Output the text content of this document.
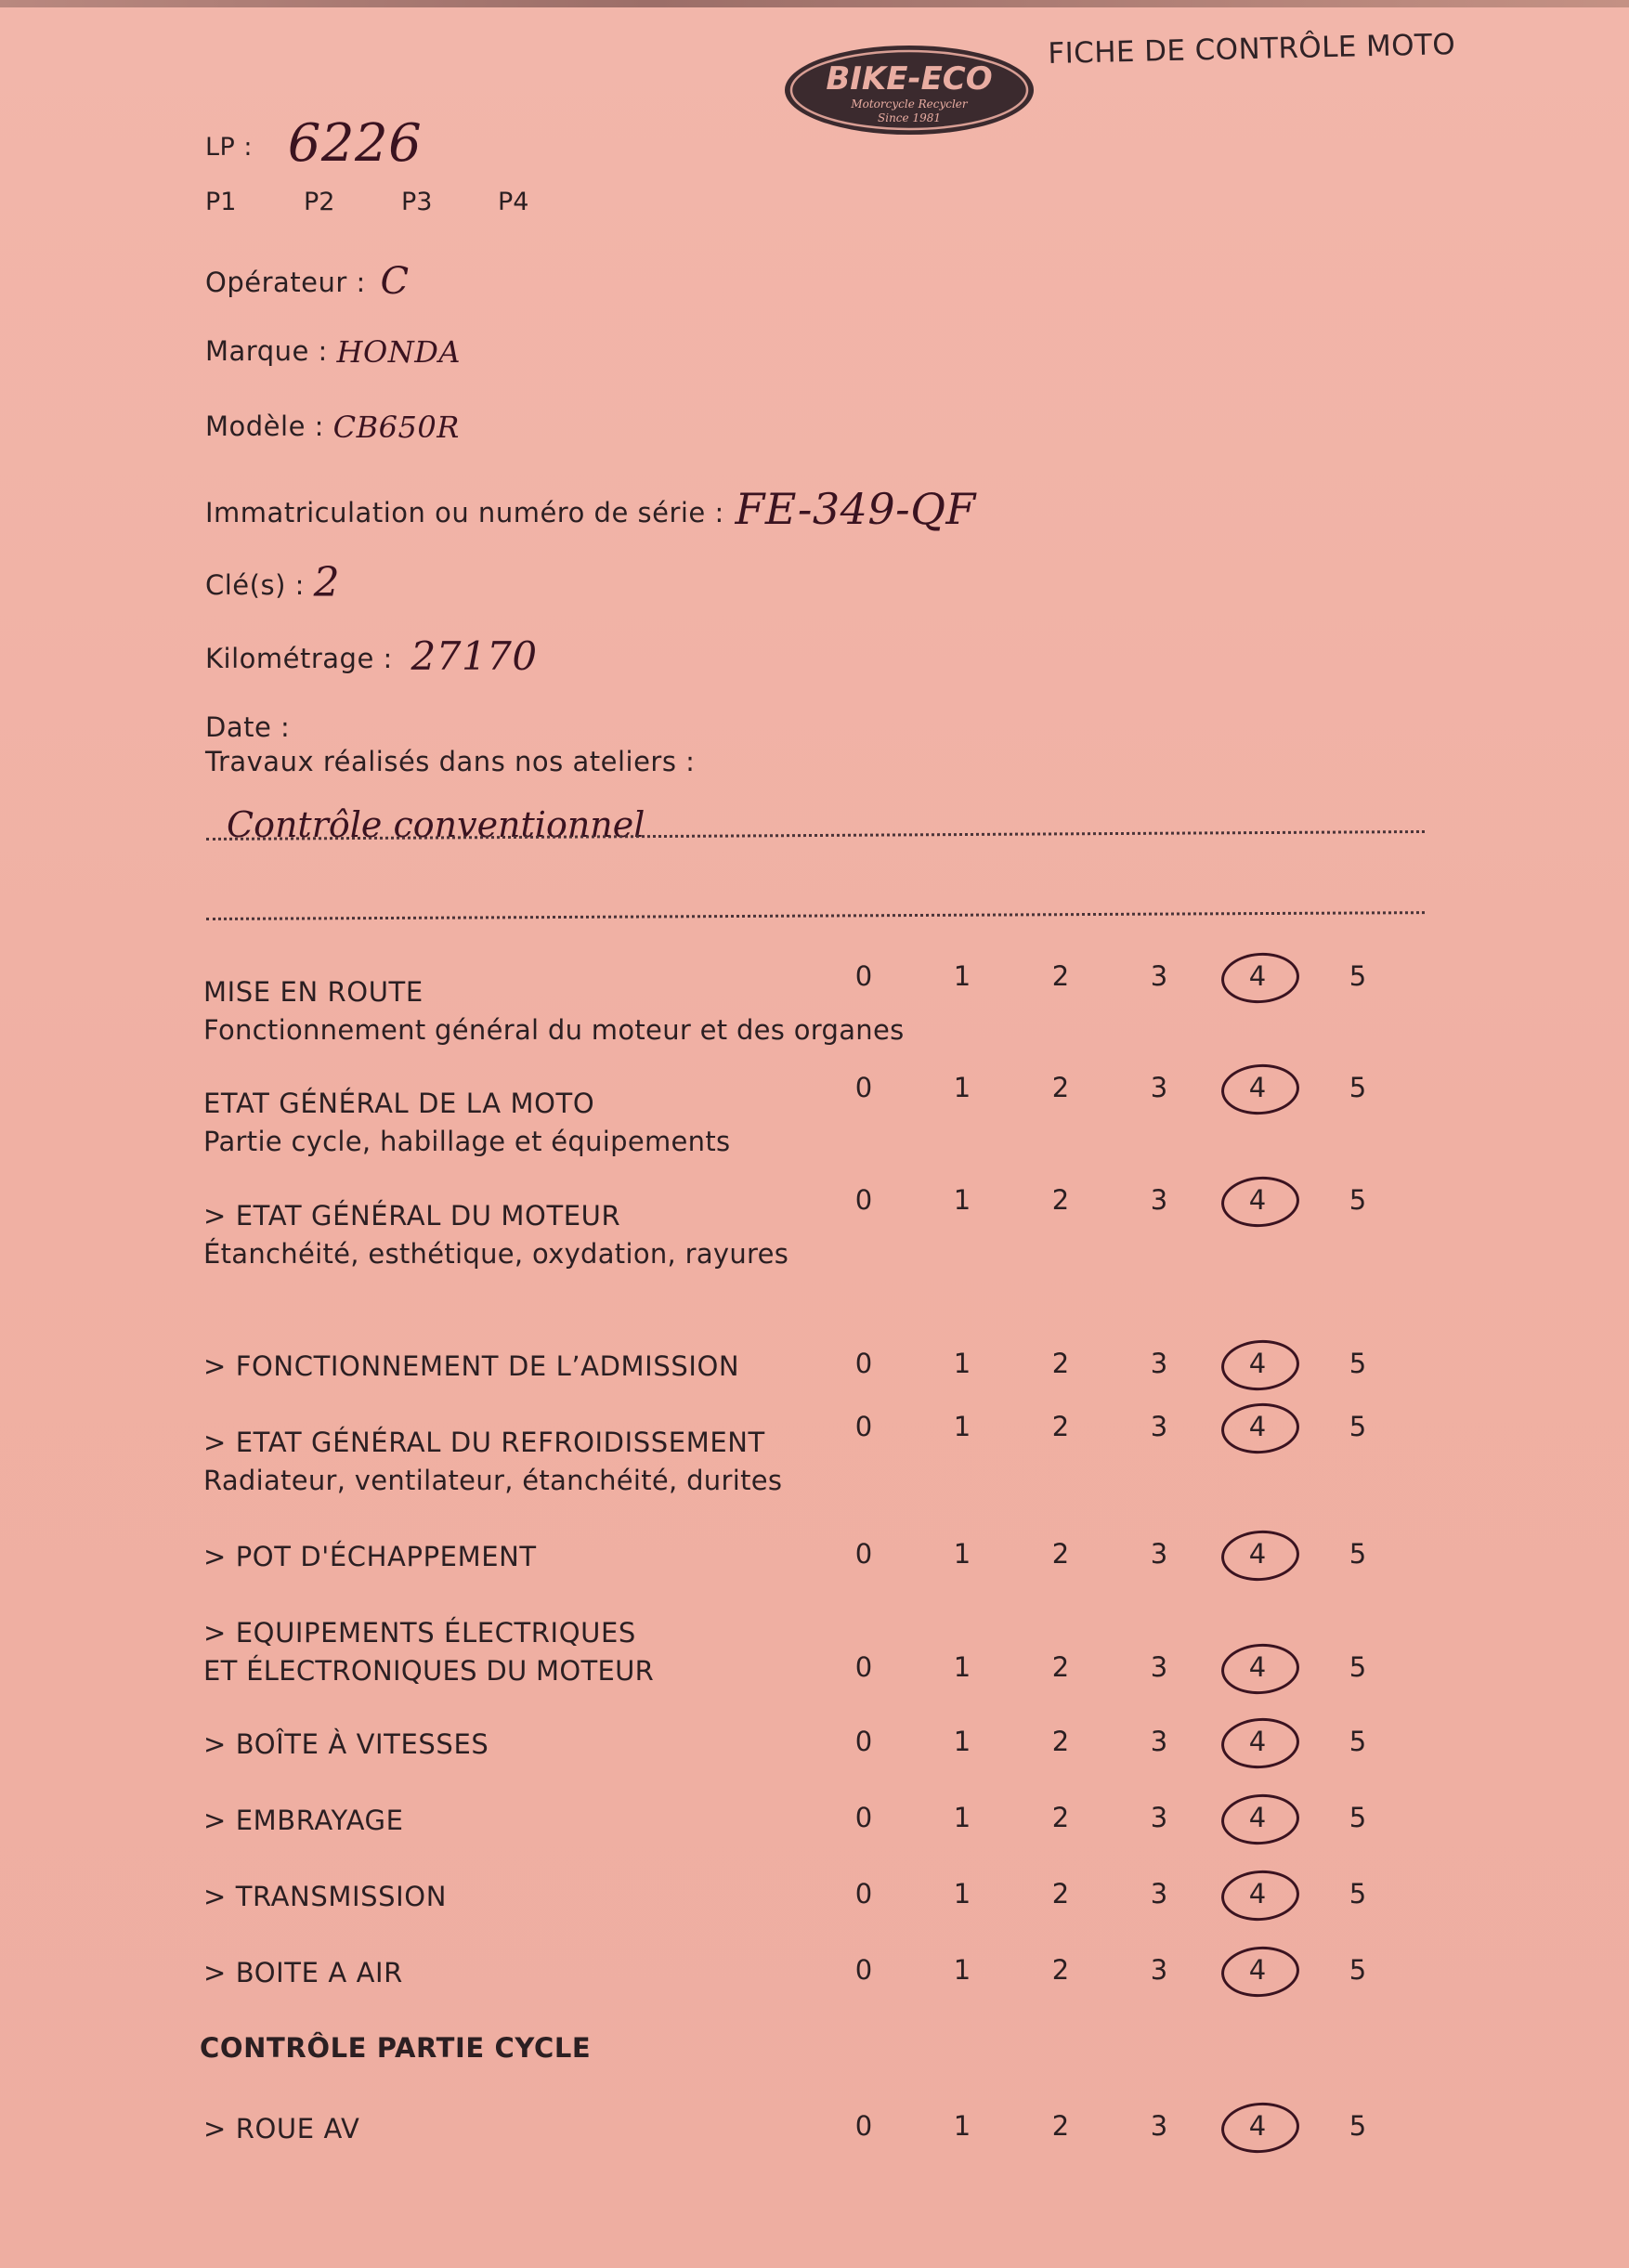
BIKE-ECO
Motorcycle Recycler
Since 1981
FICHE DE CONTRÔLE MOTO
LP : 6226
P1	P2	P3	P4
Opérateur : C
Marque : HONDA
Modèle : CB650R
Immatriculation ou numéro de série : FE-349-QF
Clé(s) : 2
Kilométrage : 27170
Date :
Travaux réalisés dans nos ateliers :
Contrôle conventionnel
MISE EN ROUTE
Fonctionnement général du moteur et des organes
0	1	2	3	4	5
ETAT GÉNÉRAL DE LA MOTO
Partie cycle, habillage et équipements
0	1	2	3	4	5
> ETAT GÉNÉRAL DU MOTEUR
Étanchéité, esthétique, oxydation, rayures
0	1	2	3	4	5
> FONCTIONNEMENT DE L’ADMISSION	0	1	2	3	4	5
> ETAT GÉNÉRAL DU REFROIDISSEMENT
Radiateur, ventilateur, étanchéité, durites
0	1	2	3	4	5
> POT D'ÉCHAPPEMENT	0	1	2	3	4	5
> EQUIPEMENTS ÉLECTRIQUES
ET ÉLECTRONIQUES DU MOTEUR	0	1	2	3	4	5
> BOÎTE À VITESSES	0	1	2	3	4	5
> EMBRAYAGE	0	1	2	3	4	5
> TRANSMISSION	0	1	2	3	4	5
> BOITE A AIR	0	1	2	3	4	5
> ROUE AV	0	1	2	3	4	5
CONTRÔLE PARTIE CYCLE
